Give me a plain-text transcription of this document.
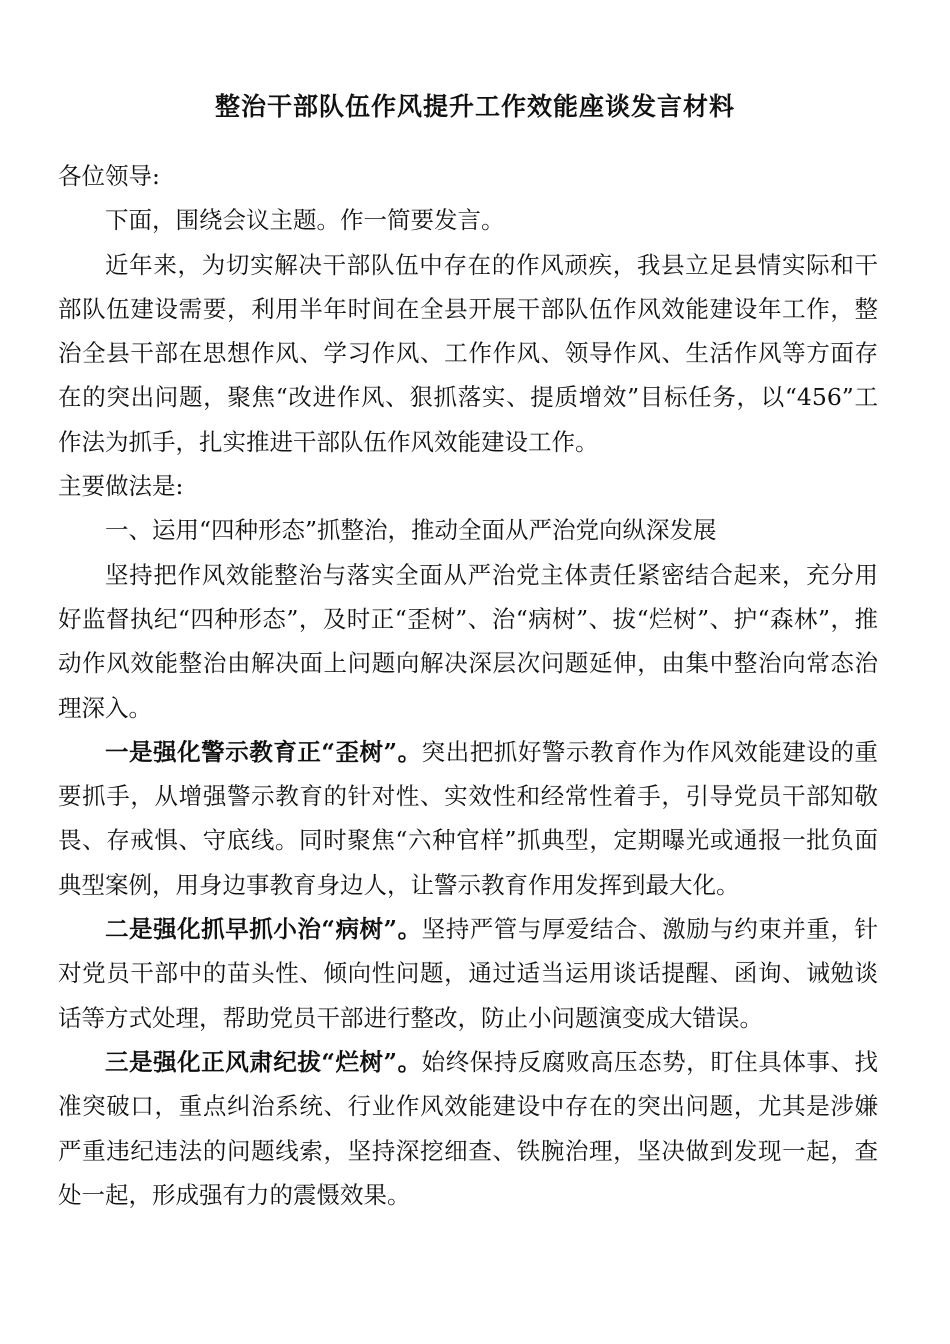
整治干部队伍作风提升工作效能座谈发言材料

各位领导:

下面，围绕会议主题。作一简要发言。

近年来，为切实解决干部队伍中存在的作风顽疾，我县立足县情实际和干部队伍建设需要，利用半年时间在全县开展干部队伍作风效能建设年工作，整治全县干部在思想作风、学习作风、工作作风、领导作风、生活作风等方面存在的突出问题，聚焦“改进作风、狠抓落实、提质增效”目标任务，以“456”工作法为抓手，扎实推进干部队伍作风效能建设工作。

主要做法是:

一、运用“四种形态”抓整治，推动全面从严治党向纵深发展

坚持把作风效能整治与落实全面从严治党主体责任紧密结合起来，充分用好监督执纪“四种形态”，及时正“歪树”、治“病树”、拔“烂树”、护“森林”，推动作风效能整治由解决面上问题向解决深层次问题延伸，由集中整治向常态治理深入。

一是强化警示教育正“歪树”。突出把抓好警示教育作为作风效能建设的重要抓手，从增强警示教育的针对性、实效性和经常性着手，引导党员干部知敬畏、存戒惧、守底线。同时聚焦“六种官样”抓典型，定期曝光或通报一批负面典型案例，用身边事教育身边人，让警示教育作用发挥到最大化。

二是强化抓早抓小治“病树”。坚持严管与厚爱结合、激励与约束并重，针对党员干部中的苗头性、倾向性问题，通过适当运用谈话提醒、函询、诫勉谈话等方式处理，帮助党员干部进行整改，防止小问题演变成大错误。

三是强化正风肃纪拔“烂树”。始终保持反腐败高压态势，盯住具体事、找准突破口，重点纠治系统、行业作风效能建设中存在的突出问题，尤其是涉嫌严重违纪违法的问题线索，坚持深挖细查、铁腕治理，坚决做到发现一起，查处一起，形成强有力的震慑效果。
